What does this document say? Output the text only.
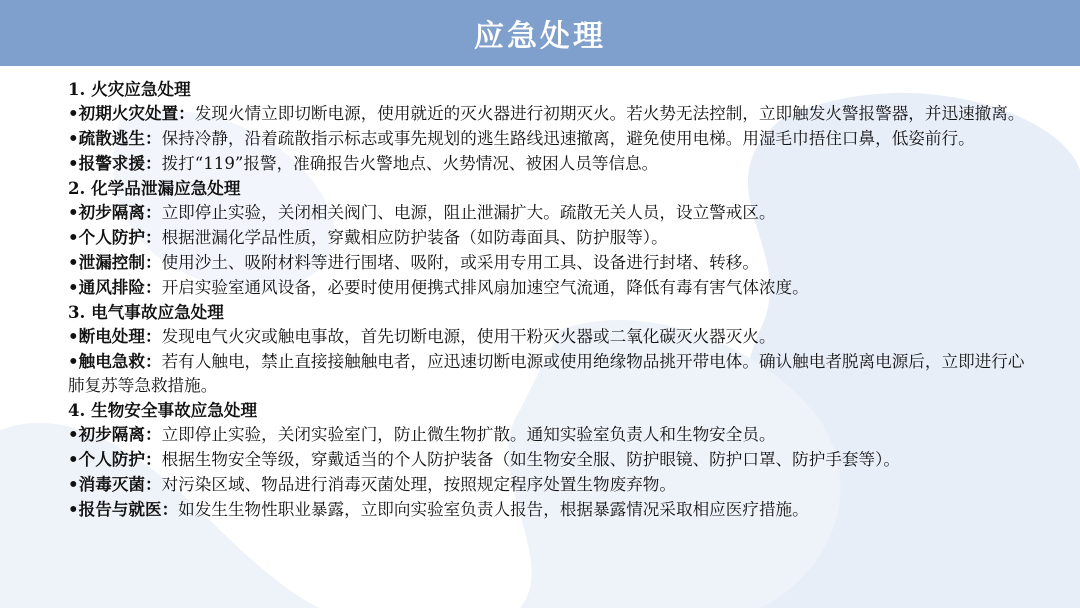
应急处理
1. 火灾应急处理
•初期火灾处置：发现火情立即切断电源，使用就近的灭火器进行初期灭火。若火势无法控制，立即触发火警报警器，并迅速撤离。
•疏散逃生：保持冷静，沿着疏散指示标志或事先规划的逃生路线迅速撤离，避免使用电梯。用湿毛巾捂住口鼻，低姿前行。
•报警求援：拨打“119”报警，准确报告火警地点、火势情况、被困人员等信息。
2. 化学品泄漏应急处理
•初步隔离：立即停止实验，关闭相关阀门、电源，阻止泄漏扩大。疏散无关人员，设立警戒区。
•个人防护：根据泄漏化学品性质，穿戴相应防护装备（如防毒面具、防护服等）。
•泄漏控制：使用沙土、吸附材料等进行围堵、吸附，或采用专用工具、设备进行封堵、转移。
•通风排险：开启实验室通风设备，必要时使用便携式排风扇加速空气流通，降低有毒有害气体浓度。
3. 电气事故应急处理
•断电处理：发现电气火灾或触电事故，首先切断电源，使用干粉灭火器或二氧化碳灭火器灭火。
•触电急救：若有人触电，禁止直接接触触电者，应迅速切断电源或使用绝缘物品挑开带电体。确认触电者脱离电源后，立即进行心肺复苏等急救措施。
4. 生物安全事故应急处理
•初步隔离：立即停止实验，关闭实验室门，防止微生物扩散。通知实验室负责人和生物安全员。
•个人防护：根据生物安全等级，穿戴适当的个人防护装备（如生物安全服、防护眼镜、防护口罩、防护手套等）。
•消毒灭菌：对污染区域、物品进行消毒灭菌处理，按照规定程序处置生物废弃物。
•报告与就医：如发生生物性职业暴露，立即向实验室负责人报告，根据暴露情况采取相应医疗措施。
